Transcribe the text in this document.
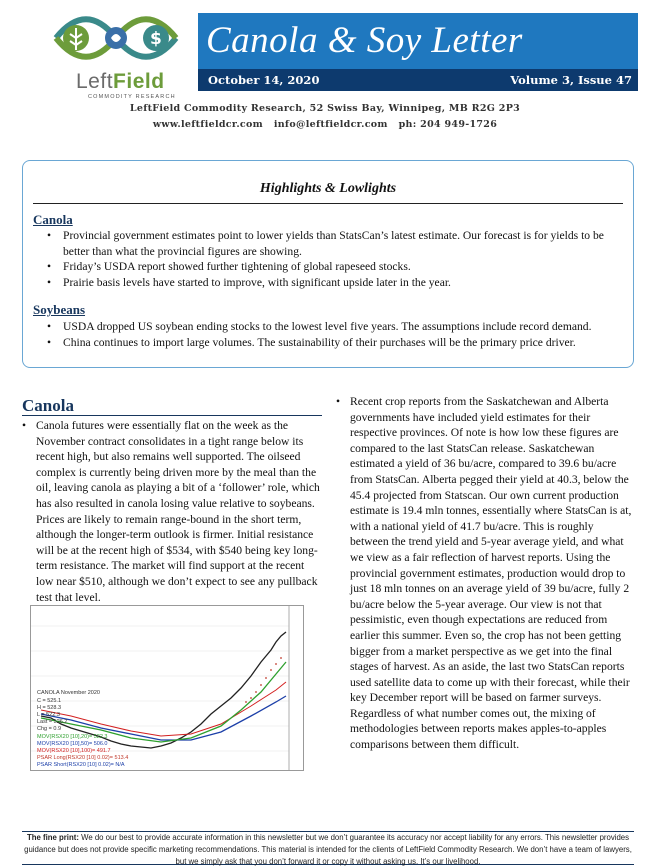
$
LeftField
COMMODITY RESEARCH
Canola & Soy Letter
October 14, 2020	Volume 3, Issue 47
LeftField Commodity Research, 52 Swiss Bay, Winnipeg, MB R2G 2P3
www.leftfieldcr.com   info@leftfieldcr.com   ph: 204 949-1726
Highlights & Lowlights
Canola
• Provincial government estimates point to lower yields than StatsCan’s latest estimate. Our forecast is for yields to be better than what the provincial figures are showing.
• Friday’s USDA report showed further tightening of global rapeseed stocks.
• Prairie basis levels have started to improve, with significant upside later in the year.
Soybeans
• USDA dropped US soybean ending stocks to the lowest level five years. The assumptions include record demand.
• China continues to import large volumes. The sustainability of their purchases will be the primary price driver.
Canola
• Canola futures were essentially flat on the week as the November contract consolidates in a tight range below its recent high, but also remains well supported. The oilseed complex is currently being driven more by the meal than the oil, leaving canola as playing a bit of a ‘follower’ role, which has also resulted in canola losing value relative to soybeans. Prices are likely to remain range-bound in the short term, although the longer-term outlook is firmer. Initial resistance will be at the recent high of $534, with $540 being key long-term resistance. The market will find support at the recent low near $510, although we don’t expect to see any pullback test that level.
• Recent crop reports from the Saskatchewan and Alberta governments have included yield estimates for their respective provinces. Of note is how low these figures are compared to the last StatsCan release. Saskatchewan estimated a yield of 36 bu/acre, compared to 39.6 bu/acre from StatsCan. Alberta pegged their yield at 40.3, below the 45.4 projected from Statscan. Our own current production estimate is 19.4 mln tonnes, essentially where StatsCan is at, with a national yield of 41.7 bu/acre. This is roughly between the trend yield and 5-year average yield, and what we view as a fair reflection of harvest reports. Using the provincial government estimates, production would drop to just 18 mln tonnes on an average yield of 39 bu/acre, fully 2 bu/acre below the 5-year average. Our view is not that pessimistic, even though expectations are reduced from earlier this summer. Even so, the crop has not been getting bigger from a market perspective as we get into the final stages of harvest. As an aside, the last two StatsCan reports used satellite data to come up with their forecast, while their key December report will be based on farmer surveys. Regardless of what number comes out, the mixing of methodologies between reports makes apples-to-apples comparisons between them difficult.
CANOLA November 2020
C = 525.1
H = 528.3
L = 522.3
Last = 526.2
Chg = 0.9
MOV(RSX20 [10],20)= 522.3
MOV(RSX20 [10],50)= 506.0
MOV(RSX20 [10],100)= 491.7
PSAR Long(RSX20 [10] 0.02)= 513.4
PSAR Short(RSX20 [10] 0.02)= N/A
The fine print: We do our best to provide accurate information in this newsletter but we don’t guarantee its accuracy nor accept liability for any errors. This newsletter provides guidance but does not provide specific marketing recommendations. This material is intended for the clients of LeftField Commodity Research. We don’t have a team of lawyers, but we simply ask that you don’t forward it or copy it without asking us. It’s our livelihood.
